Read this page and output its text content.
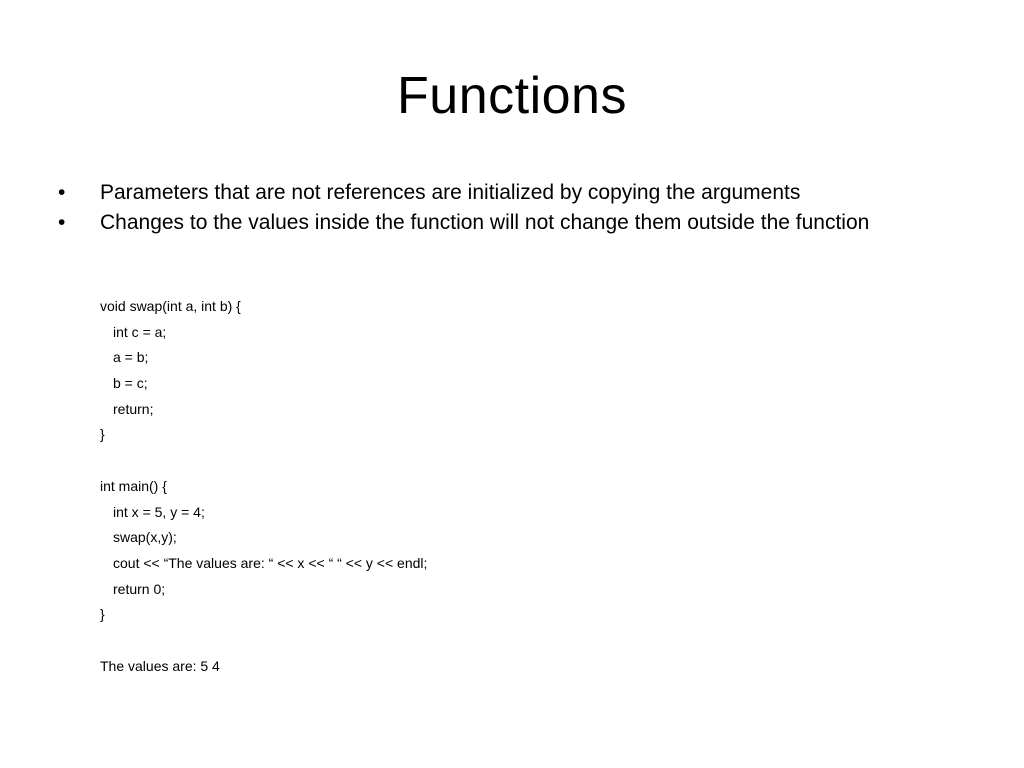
Functions
•	Parameters that are not references are initialized by copying the arguments
•	Changes to the values inside the function will not change them outside the function
void swap(int a, int b) {
int c = a;
a = b;
b = c;
return;
}
int main() {
int x = 5, y = 4;
swap(x,y);
cout << “The values are: “ << x << “ “ << y << endl;
return 0;
}
The values are: 5 4
